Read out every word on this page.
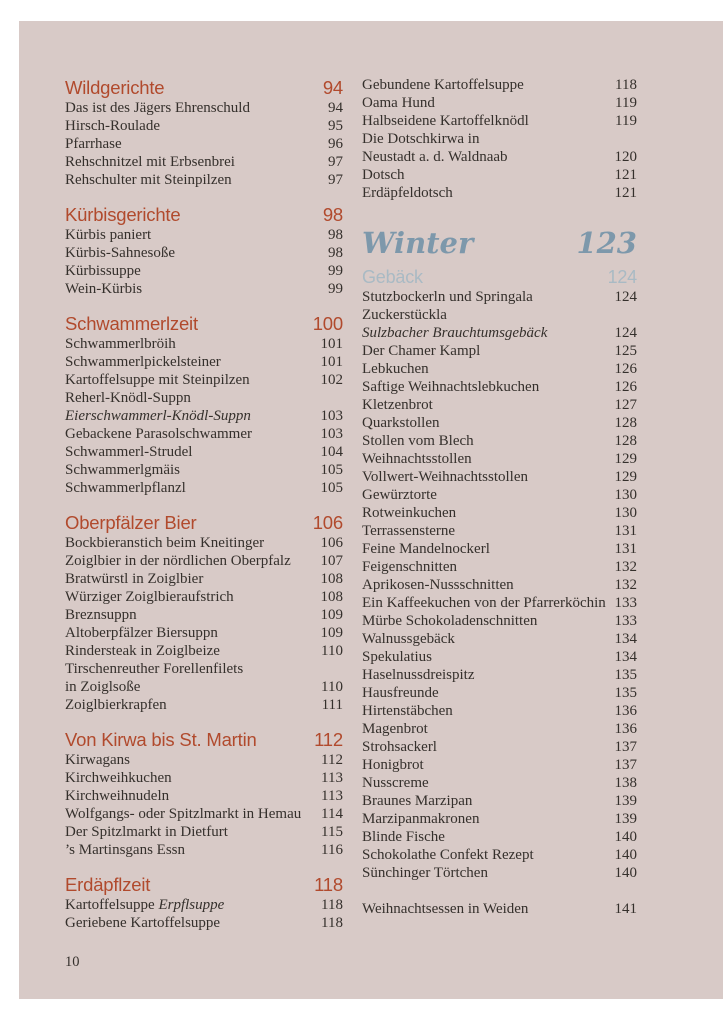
Wildgerichte	94
Das ist des Jägers Ehrenschuld	94
Hirsch-Roulade	95
Pfarrhase	96
Rehschnitzel mit Erbsenbrei	97
Rehschulter mit Steinpilzen	97
Kürbisgerichte	98
Kürbis paniert	98
Kürbis-Sahnesoße	98
Kürbissuppe	99
Wein-Kürbis	99
Schwammerlzeit	100
Schwammerlbröih	101
Schwammerlpickelsteiner	101
Kartoffelsuppe mit Steinpilzen	102
Reherl-Knödl-Suppn
Eierschwammerl-Knödl-Suppn	103
Gebackene Parasolschwammer	103
Schwammerl-Strudel	104
Schwammerlgmäis	105
Schwammerlpflanzl	105
Oberpfälzer Bier	106
Bockbieranstich beim Kneitinger	106
Zoiglbier in der nördlichen Oberpfalz	107
Bratwürstl in Zoiglbier	108
Würziger Zoiglbieraufstrich	108
Breznsuppn	109
Altoberpfälzer Biersuppn	109
Rindersteak in Zoiglbeize	110
Tirschenreuther Forellenfilets
in Zoiglsoße	110
Zoiglbierkrapfen	111
Von Kirwa bis St. Martin	112
Kirwagans	112
Kirchweihkuchen	113
Kirchweihnudeln	113
Wolfgangs- oder Spitzlmarkt in Hemau	114
Der Spitzlmarkt in Dietfurt	115
’s Martinsgans Essn	116
Erdäpflzeit	118
Kartoffelsuppe Erpflsuppe	118
Geriebene Kartoffelsuppe	118
Gebundene Kartoffelsuppe	118
Oama Hund	119
Halbseidene Kartoffelknödl	119
Die Dotschkirwa in
Neustadt a. d. Waldnaab	120
Dotsch	121
Erdäpfeldotsch	121
Winter	123
Gebäck	124
Stutzbockerln und Springala	124
Zuckerstückla
Sulzbacher Brauchtumsgebäck	124
Der Chamer Kampl	125
Lebkuchen	126
Saftige Weihnachtslebkuchen	126
Kletzenbrot	127
Quarkstollen	128
Stollen vom Blech	128
Weihnachtsstollen	129
Vollwert-Weihnachtsstollen	129
Gewürztorte	130
Rotweinkuchen	130
Terrassensterne	131
Feine Mandelnockerl	131
Feigenschnitten	132
Aprikosen-Nussschnitten	132
Ein Kaffeekuchen von der Pfarrerköchin 133
Mürbe Schokoladenschnitten	133
Walnussgebäck	134
Spekulatius	134
Haselnussdreispitz	135
Hausfreunde	135
Hirtenstäbchen	136
Magenbrot	136
Strohsackerl	137
Honigbrot	137
Nusscreme	138
Braunes Marzipan	139
Marzipanmakronen	139
Blinde Fische	140
Schokolathe Confekt Rezept	140
Sünchinger Törtchen	140
Weihnachtsessen in Weiden	141
10
